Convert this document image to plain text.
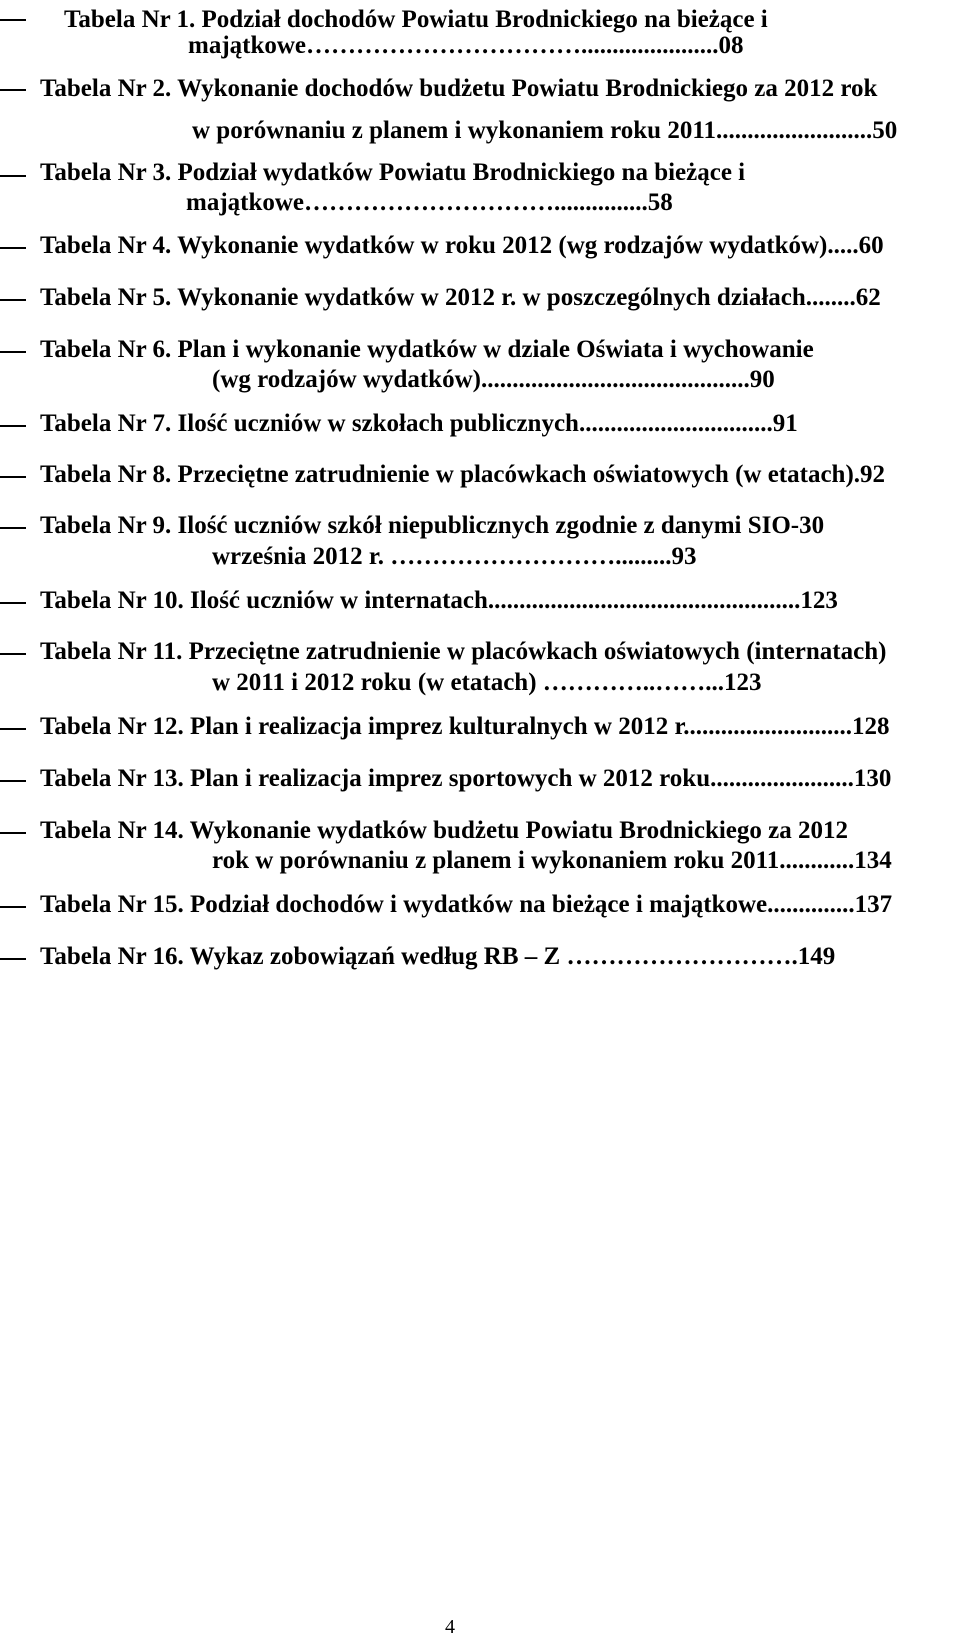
Tabela Nr 1. Podział dochodów Powiatu Brodnickiego na bieżące i
majątkowe……………………………......................08
Tabela Nr 2. Wykonanie dochodów budżetu Powiatu Brodnickiego za 2012 rok
w porównaniu z planem i wykonaniem roku 2011.........................50
Tabela Nr 3. Podział wydatków Powiatu Brodnickiego na bieżące i
majątkowe…………………………...............58
Tabela Nr 4. Wykonanie wydatków w roku 2012 (wg rodzajów wydatków).....60
Tabela Nr 5. Wykonanie wydatków w 2012 r. w poszczególnych działach........62
Tabela Nr 6. Plan i wykonanie wydatków w dziale Oświata i wychowanie
(wg rodzajów wydatków)...........................................90
Tabela Nr 7. Ilość uczniów w szkołach publicznych...............................91
Tabela Nr 8. Przeciętne zatrudnienie w placówkach oświatowych (w etatach).92
Tabela Nr 9. Ilość uczniów szkół niepublicznych zgodnie z danymi SIO-30
września 2012 r. ……………………….........93
Tabela Nr 10. Ilość uczniów w internatach..................................................123
Tabela Nr 11. Przeciętne zatrudnienie w placówkach oświatowych (internatach)
w 2011 i 2012 roku (w etatach) …………..……...123
Tabela Nr 12. Plan i realizacja imprez kulturalnych w 2012 r...........................128
Tabela Nr 13. Plan i realizacja imprez sportowych w 2012 roku.......................130
Tabela Nr 14. Wykonanie wydatków budżetu Powiatu Brodnickiego za 2012
rok w porównaniu z planem i wykonaniem roku 2011............134
Tabela Nr 15. Podział dochodów i wydatków na bieżące i majątkowe..............137
Tabela Nr 16. Wykaz zobowiązań według RB – Z ……………………….149
4
